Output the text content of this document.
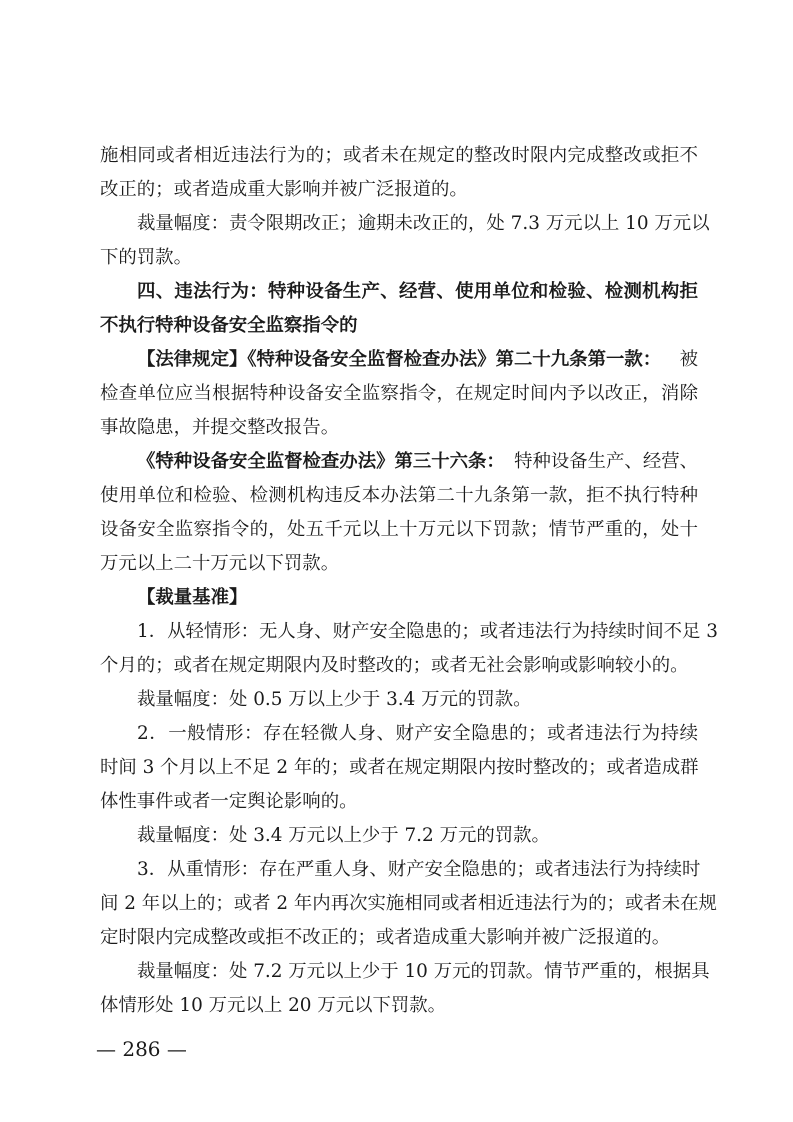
施相同或者相近违法行为的；或者未在规定的整改时限内完成整改或拒不
改正的；或者造成重大影响并被广泛报道的。
裁量幅度：责令限期改正；逾期未改正的，处 7.3 万元以上 10 万元以
下的罚款。
四、违法行为：特种设备生产、经营、使用单位和检验、检测机构拒
不执行特种设备安全监察指令的
【法律规定】《特种设备安全监督检查办法》第二十九条第一款： 被
检查单位应当根据特种设备安全监察指令，在规定时间内予以改正，消除
事故隐患，并提交整改报告。
《特种设备安全监督检查办法》第三十六条： 特种设备生产、经营、
使用单位和检验、检测机构违反本办法第二十九条第一款，拒不执行特种
设备安全监察指令的，处五千元以上十万元以下罚款；情节严重的，处十
万元以上二十万元以下罚款。
【裁量基准】
1．从轻情形：无人身、财产安全隐患的；或者违法行为持续时间不足 3
个月的；或者在规定期限内及时整改的；或者无社会影响或影响较小的。
裁量幅度：处 0.5 万以上少于 3.4 万元的罚款。
2．一般情形：存在轻微人身、财产安全隐患的；或者违法行为持续
时间 3 个月以上不足 2 年的；或者在规定期限内按时整改的；或者造成群
体性事件或者一定舆论影响的。
裁量幅度：处 3.4 万元以上少于 7.2 万元的罚款。
3．从重情形：存在严重人身、财产安全隐患的；或者违法行为持续时
间 2 年以上的；或者 2 年内再次实施相同或者相近违法行为的；或者未在规
定时限内完成整改或拒不改正的；或者造成重大影响并被广泛报道的。
裁量幅度：处 7.2 万元以上少于 10 万元的罚款。情节严重的，根据具
体情形处 10 万元以上 20 万元以下罚款。
— 286 —
